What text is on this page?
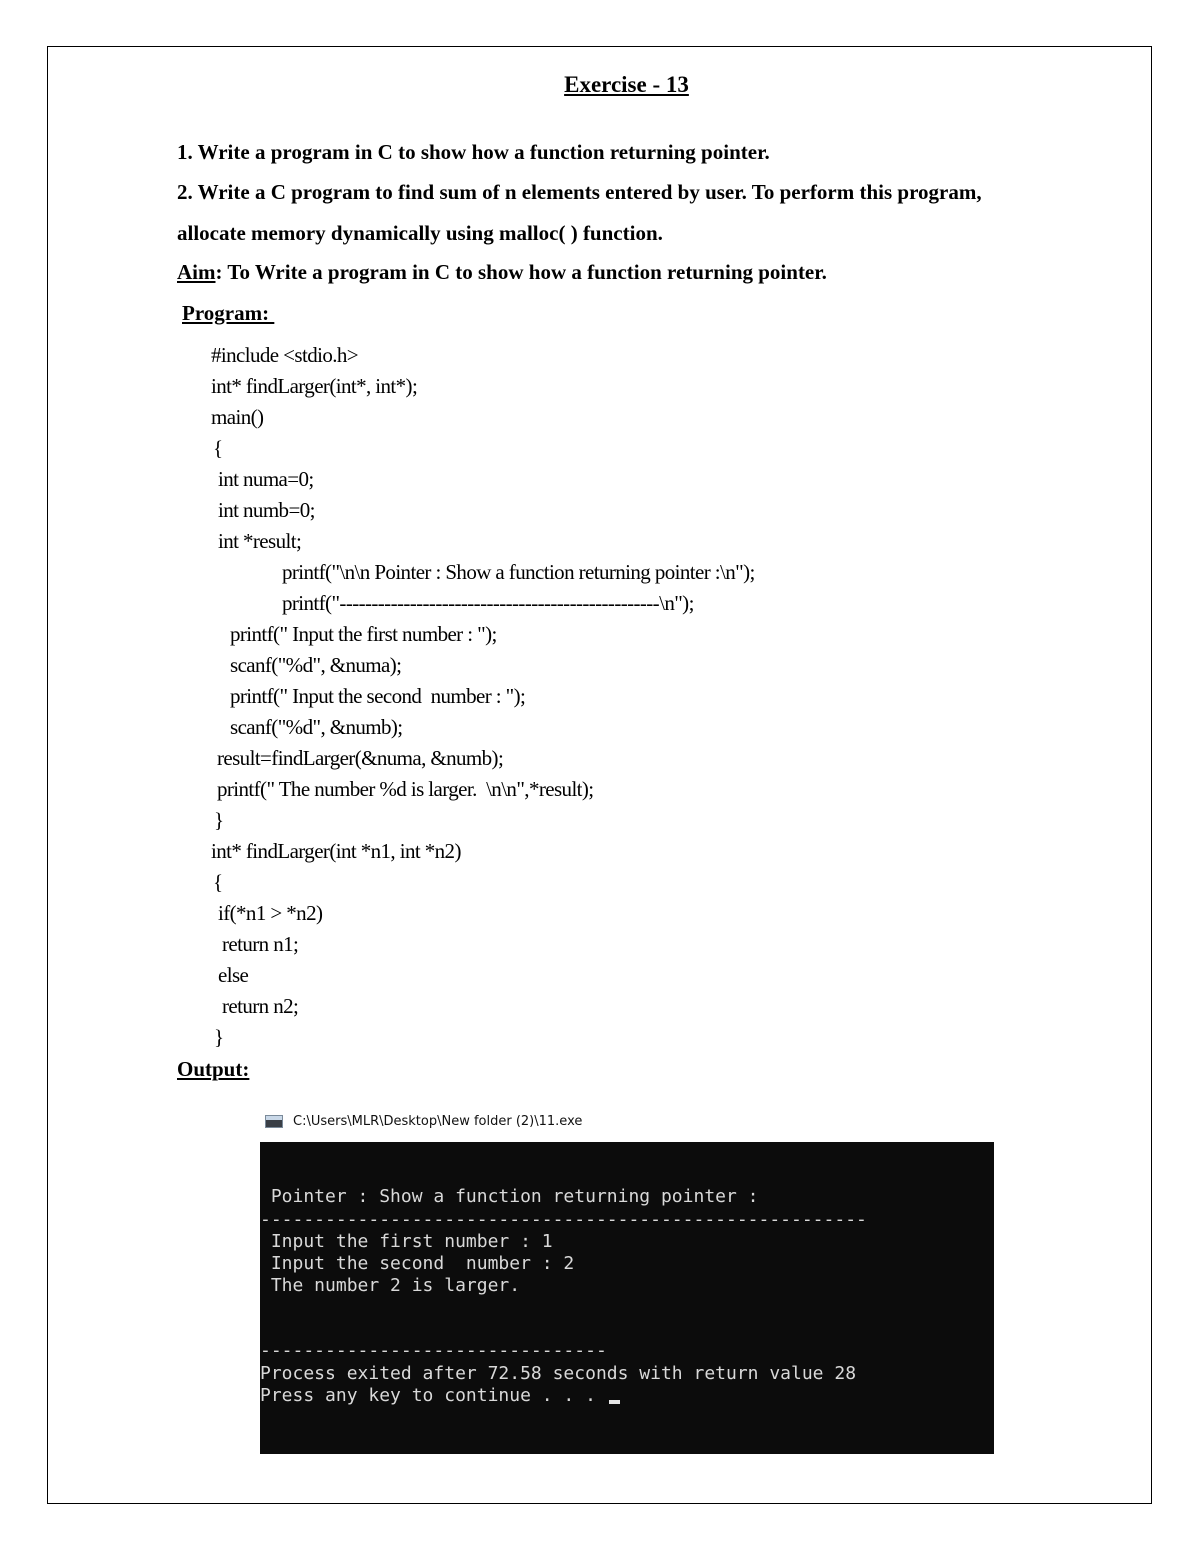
Exercise - 13
1. Write a program in C to show how a function returning pointer.
2. Write a C program to find sum of n elements entered by user. To perform this program,
allocate memory dynamically using malloc( ) function.
Aim: To Write a program in C to show how a function returning pointer.
Program:
#include <stdio.h>
int* findLarger(int*, int*);
main()
{
int numa=0;
int numb=0;
int *result;
printf("\n\n Pointer : Show a function returning pointer :\n");
printf("--------------------------------------------------\n");
printf(" Input the first number : ");
scanf("%d", &numa);
printf(" Input the second  number : ");
scanf("%d", &numb);
result=findLarger(&numa, &numb);
printf(" The number %d is larger.  \n\n",*result);
}
int* findLarger(int *n1, int *n2)
{
if(*n1 > *n2)
return n1;
else
return n2;
}
Output:
C:\Users\MLR\Desktop\New folder (2)\11.exe
Pointer : Show a function returning pointer :
--------------------------------------------------------
Input the first number : 1
Input the second  number : 2
The number 2 is larger.
--------------------------------
Process exited after 72.58 seconds with return value 28
Press any key to continue . . .
